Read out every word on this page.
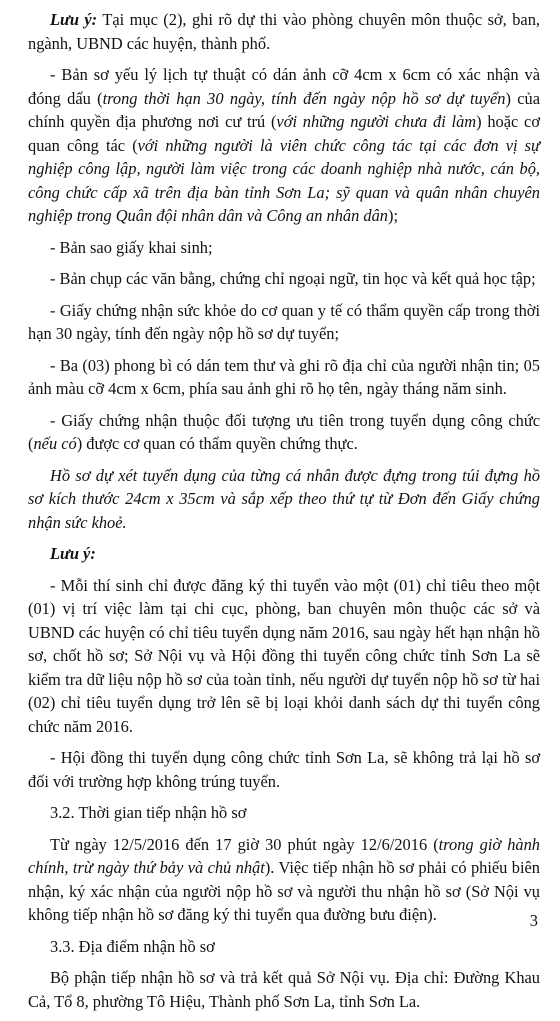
Lưu ý: Tại mục (2), ghi rõ dự thi vào phòng chuyên môn thuộc sở, ban, ngành, UBND các huyện, thành phố.

- Bản sơ yếu lý lịch tự thuật có dán ảnh cỡ 4cm x 6cm có xác nhận và đóng dấu (trong thời hạn 30 ngày, tính đến ngày nộp hồ sơ dự tuyển) của chính quyền địa phương nơi cư trú (với những người chưa đi làm) hoặc cơ quan công tác (với những người là viên chức công tác tại các đơn vị sự nghiệp công lập, người làm việc trong các doanh nghiệp nhà nước, cán bộ, công chức cấp xã trên địa bàn tỉnh Sơn La; sỹ quan và quân nhân chuyên nghiệp trong Quân đội nhân dân và Công an nhân dân);

- Bản sao giấy khai sinh;

- Bản chụp các văn bằng, chứng chỉ ngoại ngữ, tin học và kết quả học tập;

- Giấy chứng nhận sức khỏe do cơ quan y tế có thẩm quyền cấp trong thời hạn 30 ngày, tính đến ngày nộp hồ sơ dự tuyển;

- Ba (03) phong bì có dán tem thư và ghi rõ địa chỉ của người nhận tin; 05 ảnh màu cỡ 4cm x 6cm, phía sau ảnh ghi rõ họ tên, ngày tháng năm sinh.

- Giấy chứng nhận thuộc đối tượng ưu tiên trong tuyển dụng công chức (nếu có) được cơ quan có thẩm quyền chứng thực.

Hồ sơ dự xét tuyển dụng của từng cá nhân được đựng trong túi đựng hồ sơ kích thước 24cm x 35cm và sắp xếp theo thứ tự từ Đơn đến Giấy chứng nhận sức khoẻ.

Lưu ý:

- Mỗi thí sinh chỉ được đăng ký thi tuyển vào một (01) chỉ tiêu theo một (01) vị trí việc làm tại chi cục, phòng, ban chuyên môn thuộc các sở và UBND các huyện có chỉ tiêu tuyển dụng năm 2016, sau ngày hết hạn nhận hồ sơ, chốt hồ sơ; Sở Nội vụ và Hội đồng thi tuyển công chức tỉnh Sơn La sẽ kiểm tra dữ liệu nộp hồ sơ của toàn tỉnh, nếu người dự tuyển nộp hồ sơ từ hai (02) chỉ tiêu tuyển dụng trở lên sẽ bị loại khỏi danh sách dự thi tuyển công chức năm 2016.

- Hội đồng thi tuyển dụng công chức tỉnh Sơn La, sẽ không trả lại hồ sơ đối với trường hợp không trúng tuyển.

3.2. Thời gian tiếp nhận hồ sơ

Từ ngày 12/5/2016 đến 17 giờ 30 phút ngày 12/6/2016 (trong giờ hành chính, trừ ngày thứ bảy và chủ nhật). Việc tiếp nhận hồ sơ phải có phiếu biên nhận, ký xác nhận của người nộp hồ sơ và người thu nhận hồ sơ (Sở Nội vụ không tiếp nhận hồ sơ đăng ký thi tuyển qua đường bưu điện).

3.3. Địa điểm nhận hồ sơ

Bộ phận tiếp nhận hồ sơ và trả kết quả Sở Nội vụ. Địa chỉ: Đường Khau Cả, Tổ 8, phường Tô Hiệu, Thành phố Sơn La, tỉnh Sơn La.

3
